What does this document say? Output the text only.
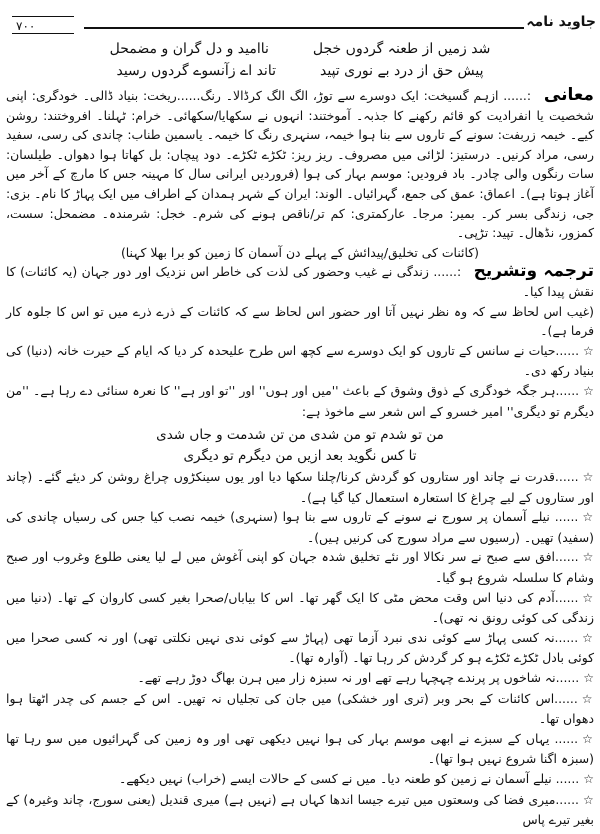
۷۰۰	جاوید نامہ
شد زمیں از طعنہ گردوں خجل
ناامید و دل گران و مضمحل
پیش حق از درد بے نوری تپید
تاند اے زآنسوے گردوں رسید

معانی :...... ازہم گسیخت: ایک دوسرے سے توڑ، الگ الگ کرڈالا۔ رنگ......ریخت: بنیاد ڈالی۔ خودگری: اپنی شخصیت یا انفرادیت کو قائم رکھنے کا جذبہ۔ آموختند: انہوں نے سکھایا/سکھائی۔ خرام: ٹہلنا۔ افروختند: روشن کیے۔ خیمہ زربفت: سونے کے تاروں سے بنا ہوا خیمہ، سنہری رنگ کا خیمہ۔ یاسمین طناب: چاندی کی رسی، سفید رسی، مراد کرنیں۔ درستیز: لڑائی میں مصروف۔ ریز ریز: ٹکڑے ٹکڑے۔ دود پیچاں: بل کھاتا ہوا دھواں۔ طیلسان: سات رنگوں والی چادر۔ باد فرودیں: موسم بہار کی ہوا (فروردیں ایرانی سال کا مہینہ جس کا مارچ کے آخر میں آغاز ہوتا ہے)۔ اعماق: عمق کی جمع، گہرائیاں۔ الوند: ایران کے شہر ہمدان کے اطراف میں ایک پہاڑ کا نام۔ بزی: جی، زندگی بسر کر۔ بمیر: مرجا۔ عارکمتری: کم تر/ناقص ہونے کی شرم۔ خجل: شرمندہ۔ مضمحل: سست، کمزور، نڈھال۔ تپید: تڑپی۔

(کائنات کی تخلیق/پیدائش کے پہلے دن آسمان کا زمین کو برا بھلا کہنا)

ترجمہ وتشریح :...... زندگی نے غیب وحضور کی لذت کی خاطر اس نزدیک اور دور جہان (یہ کائنات) کا نقش پیدا کیا۔

(غیب اس لحاظ سے کہ وہ نظر نہیں آتا اور حضور اس لحاظ سے کہ کائنات کے ذرے ذرے میں تو اس کا جلوہ کار فرما ہے)۔

☆......حیات نے سانس کے تاروں کو ایک دوسرے سے کچھ اس طرح علیحدہ کر دیا کہ ایام کے حیرت خانہ (دنیا) کی بنیاد رکھ دی۔

☆......ہر جگہ خودگری کے ذوق وشوق کے باعث ''میں اور ہوں'' اور ''تو اور ہے'' کا نعرہ سنائی دے رہا ہے۔ ''من دیگرم تو دیگری'' امیر خسرو کے اس شعر سے ماخوذ ہے:

من تو شدم تو من شدی من تن شدمت و جاں شدی
تا کس نگوید بعد ازیں من دیگرم تو دیگری

☆......قدرت نے چاند اور ستاروں کو گردش کرنا/چلنا سکھا دیا اور یوں سینکڑوں چراغ روشن کر دیئے گئے۔ (چاند اور ستاروں کے لیے چراغ کا استعارہ استعمال کیا گیا ہے)۔

☆...... نیلے آسمان پر سورج نے سونے کے تاروں سے بنا ہوا (سنہری) خیمہ نصب کیا جس کی رسیاں چاندی کی (سفید) تھیں۔ (رسیوں سے مراد سورج کی کرنیں ہیں)۔

☆......افق سے صبح نے سر نکالا اور نئے تخلیق شدہ جہان کو اپنی آغوش میں لے لیا یعنی طلوع وغروب اور صبح وشام کا سلسلہ شروع ہو گیا۔

☆......آدم کی دنیا اس وقت محض مٹی کا ایک گھر تھا۔ اس کا بیاباں/صحرا بغیر کسی کاروان کے تھا۔ (دنیا میں زندگی کی کوئی رونق نہ تھی)۔

☆......نہ کسی پہاڑ سے کوئی ندی نبرد آزما تھی (پہاڑ سے کوئی ندی نہیں نکلتی تھی) اور نہ کسی صحرا میں کوئی بادل ٹکڑے ٹکڑے ہو کر گردش کر رہا تھا۔ (آوارہ تھا)۔

☆......نہ شاخوں پر پرندے چہچہا رہے تھے اور نہ سبزہ زار میں ہرن بھاگ دوڑ رہے تھے۔

☆......اس کائنات کے بحر وبر (تری اور خشکی) میں جان کی تجلیاں نہ تھیں۔ اس کے جسم کی چدر اٹھتا ہوا دھواں تھا۔

☆...... یہاں کے سبزے نے ابھی موسم بہار کی ہوا نہیں دیکھی تھی اور وہ زمین کی گہرائیوں میں سو رہا تھا (سبزہ اگنا شروع نہیں ہوا تھا)۔

☆...... نیلے آسمان نے زمین کو طعنہ دیا۔ میں نے کسی کے حالات ایسے (خراب) نہیں دیکھے۔

☆......میری فضا کی وسعتوں میں تیرے جیسا اندھا کہاں ہے (نہیں ہے) میری قندیل (یعنی سورج، چاند وغیرہ) کے بغیر تیرے پاس
